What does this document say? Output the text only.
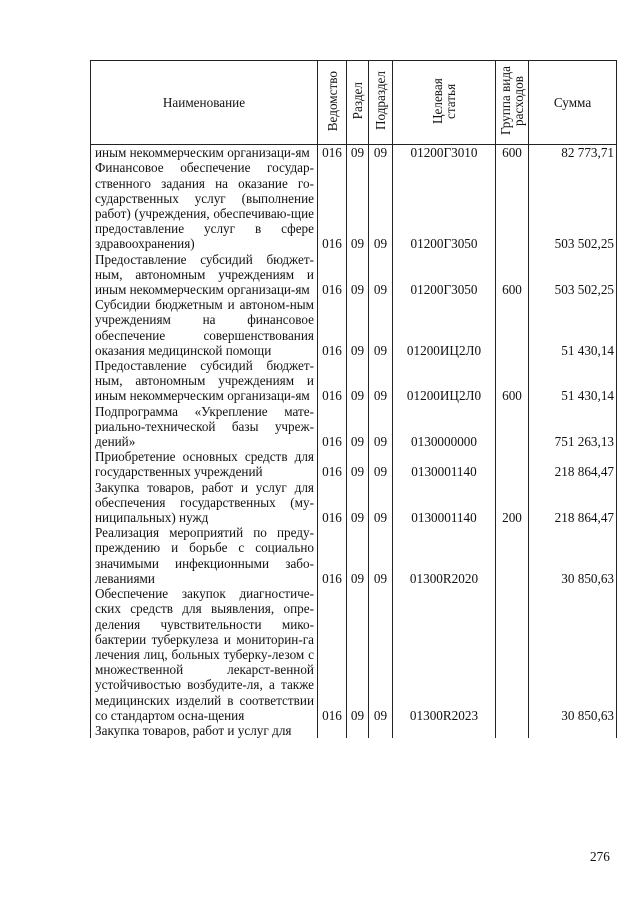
Наименование	Ведомство	Раздел	Подраздел	Целевая статья	Группа вида расходов	Сумма
иным некоммерческим организаци-ям	016	09	09	01200Г3010	600	82 773,71
Финансовое обеспечение государ-ственного задания на оказание го-сударственных услуг (выполнение работ) (учреждения, обеспечиваю-щие предоставление услуг в сфере здравоохранения)	016	09	09	01200Г3050		503 502,25
Предоставление субсидий бюджет-ным, автономным учреждениям и иным некоммерческим организаци-ям	016	09	09	01200Г3050	600	503 502,25
Субсидии бюджетным и автоном-ным учреждениям на финансовое обеспечение совершенствования оказания медицинской помощи	016	09	09	01200ИЦ2Л0		51 430,14
Предоставление субсидий бюджет-ным, автономным учреждениям и иным некоммерческим организаци-ям	016	09	09	01200ИЦ2Л0	600	51 430,14
Подпрограмма «Укрепление мате-риально-технической базы учреж-дений»	016	09	09	0130000000		751 263,13
Приобретение основных средств для государственных учреждений	016	09	09	0130001140		218 864,47
Закупка товаров, работ и услуг для обеспечения государственных (му-ниципальных) нужд	016	09	09	0130001140	200	218 864,47
Реализация мероприятий по преду-преждению и борьбе с социально значимыми инфекционными забо-леваниями	016	09	09	01300R2020		30 850,63
Обеспечение закупок диагностиче-ских средств для выявления, опре-деления чувствительности мико-бактерии туберкулеза и мониторин-га лечения лиц, больных туберку-лезом с множественной лекарст-венной устойчивостью возбудите-ля, а также медицинских изделий в соответствии со стандартом осна-щения	016	09	09	01300R2023		30 850,63
Закупка товаров, работ и услуг для						
276
